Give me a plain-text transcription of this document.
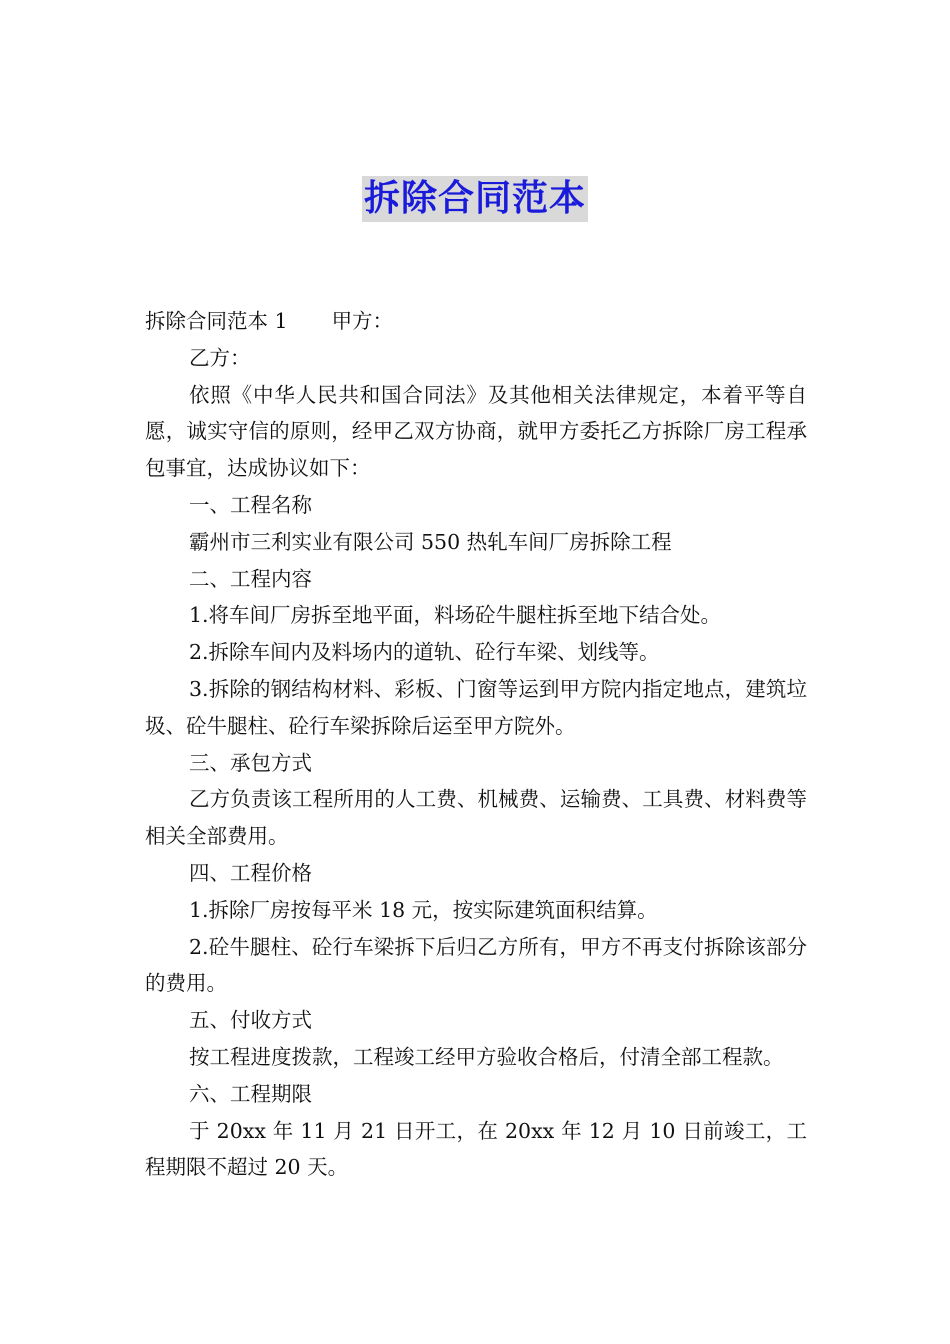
拆除合同范本

拆除合同范本 1 甲方：

乙方：

依照《中华人民共和国合同法》及其他相关法律规定，本着平等自愿，诚实守信的原则，经甲乙双方协商，就甲方委托乙方拆除厂房工程承包事宜，达成协议如下：

一、工程名称

霸州市三利实业有限公司 550 热轧车间厂房拆除工程

二、工程内容

1.将车间厂房拆至地平面，料场砼牛腿柱拆至地下结合处。

2.拆除车间内及料场内的道轨、砼行车梁、划线等。

3.拆除的钢结构材料、彩板、门窗等运到甲方院内指定地点，建筑垃圾、砼牛腿柱、砼行车梁拆除后运至甲方院外。

三、承包方式

乙方负责该工程所用的人工费、机械费、运输费、工具费、材料费等相关全部费用。

四、工程价格

1.拆除厂房按每平米 18 元，按实际建筑面积结算。

2.砼牛腿柱、砼行车梁拆下后归乙方所有，甲方不再支付拆除该部分的费用。

五、付收方式

按工程进度拨款，工程竣工经甲方验收合格后，付清全部工程款。

六、工程期限

于 20xx 年 11 月 21 日开工，在 20xx 年 12 月 10 日前竣工，工程期限不超过 20 天。
